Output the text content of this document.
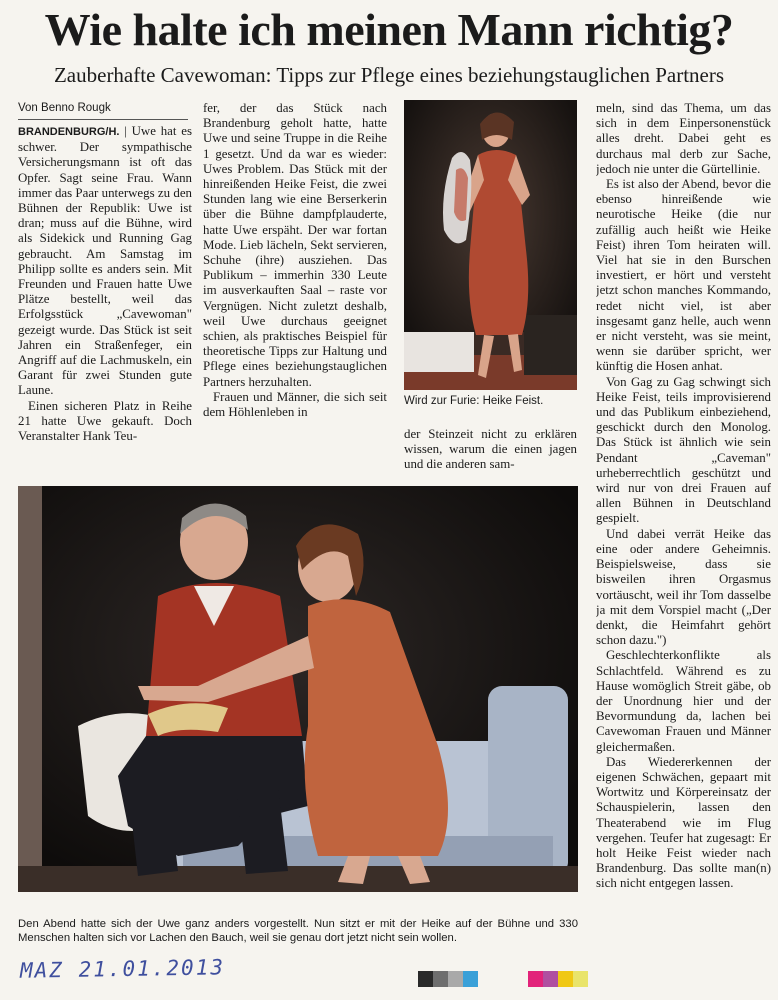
Wie halte ich meinen Mann richtig?
Zauberhafte Cavewoman: Tipps zur Pflege eines beziehungstauglichen Partners
Von Benno Rougk

BRANDENBURG/H. | Uwe hat es schwer. Der sympathische Versicherungsmann ist oft das Opfer. Sagt seine Frau. Wann immer das Paar unterwegs zu den Bühnen der Republik: Uwe ist dran; muss auf die Bühne, wird als Sidekick und Running Gag gebraucht. Am Samstag im Philipp sollte es anders sein. Mit Freunden und Frauen hatte Uwe Plätze bestellt, weil das Erfolgsstück „Cavewoman" gezeigt wurde. Das Stück ist seit Jahren ein Straßenfeger, ein Angriff auf die Lachmuskeln, ein Garant für zwei Stunden gute Laune.

Einen sicheren Platz in Reihe 21 hatte Uwe gekauft. Doch Veranstalter Hank Teu-

fer, der das Stück nach Brandenburg geholt hatte, hatte Uwe und seine Truppe in die Reihe 1 gesetzt. Und da war es wieder: Uwes Problem. Das Stück mit der hinreißenden Heike Feist, die zwei Stunden lang wie eine Berserkerin über die Bühne dampfplauderte, hatte Uwe erspäht. Der war fortan Mode. Lieb lächeln, Sekt servieren, Schuhe (ihre) ausziehen. Das Publikum – immerhin 330 Leute im ausverkauften Saal – raste vor Vergnügen. Nicht zuletzt deshalb, weil Uwe durchaus geeignet schien, als praktisches Beispiel für theoretische Tipps zur Haltung und Pflege eines beziehungstauglichen Partners herzuhalten.

Frauen und Männer, die sich seit dem Höhlenleben in

Wird zur Furie: Heike Feist.

der Steinzeit nicht zu erklären wissen, warum die einen jagen und die anderen sam-

meln, sind das Thema, um das sich in dem Einpersonenstück alles dreht. Dabei geht es durchaus mal derb zur Sache, jedoch nie unter die Gürtellinie.

Es ist also der Abend, bevor die ebenso hinreißende wie neurotische Heike (die nur zufällig auch heißt wie Heike Feist) ihren Tom heiraten will. Viel hat sie in den Burschen investiert, er hört und versteht jetzt schon manches Kommando, redet nicht viel, ist aber insgesamt ganz helle, auch wenn er nicht versteht, was sie meint, wenn sie darüber spricht, wer künftig die Hosen anhat.

Von Gag zu Gag schwingt sich Heike Feist, teils improvisierend und das Publikum einbeziehend, geschickt durch den Monolog. Das Stück ist ähnlich wie sein Pendant „Caveman" urheberrechtlich geschützt und wird nur von drei Frauen auf allen Bühnen in Deutschland gespielt.

Und dabei verrät Heike das eine oder andere Geheimnis. Beispielsweise, dass sie bisweilen ihren Orgasmus vortäuscht, weil ihr Tom dasselbe ja mit dem Vorspiel macht („Der denkt, die Heimfahrt gehört schon dazu.")

Geschlechterkonflikte als Schlachtfeld. Während es zu Hause womöglich Streit gäbe, ob der Unordnung hier und der Bevormundung da, lachen bei Cavewoman Frauen und Männer gleichermaßen.

Das Wiedererkennen der eigenen Schwächen, gepaart mit Wortwitz und Körpereinsatz der Schauspielerin, lassen den Theaterabend wie im Flug vergehen. Teufer hat zugesagt: Er holt Heike Feist wieder nach Brandenburg. Das sollte man(n) sich nicht entgegen lassen.

Den Abend hatte sich der Uwe ganz anders vorgestellt. Nun sitzt er mit der Heike auf der Bühne und 330 Menschen halten sich vor Lachen den Bauch, weil sie genau dort jetzt nicht sein wollen.
MAZ 21.01.2013
